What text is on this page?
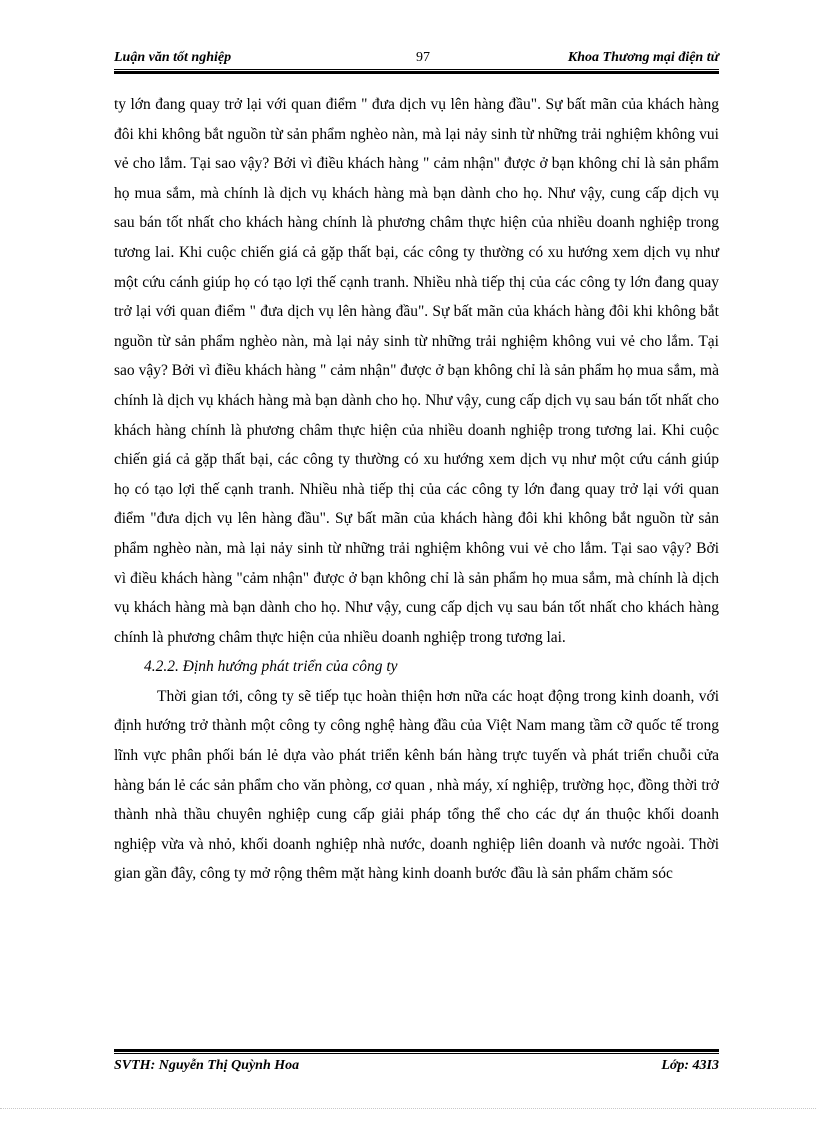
Luận văn tốt nghiệp	97	Khoa Thương mại điện tử

ty lớn đang quay trở lại với quan điểm " đưa dịch vụ lên hàng đầu". Sự bất mãn của khách hàng đôi khi không bắt nguồn từ sản phẩm nghèo nàn, mà lại nảy sinh từ những trải nghiệm không vui vẻ cho lắm. Tại sao vậy? Bởi vì điều khách hàng " cảm nhận" được ở bạn không chỉ là sản phẩm họ mua sắm, mà chính là dịch vụ khách hàng mà bạn dành cho họ. Như vậy, cung cấp dịch vụ sau bán tốt nhất cho khách hàng chính là phương châm thực hiện của nhiều doanh nghiệp trong tương lai. Khi cuộc chiến giá cả gặp thất bại, các công ty thường có xu hướng xem dịch vụ như một cứu cánh giúp họ có tạo lợi thế cạnh tranh. Nhiều nhà tiếp thị của các công ty lớn đang quay trở lại với quan điểm " đưa dịch vụ lên hàng đầu". Sự bất mãn của khách hàng đôi khi không bắt nguồn từ sản phẩm nghèo nàn, mà lại nảy sinh từ những trải nghiệm không vui vẻ cho lắm. Tại sao vậy? Bởi vì điều khách hàng " cảm nhận" được ở bạn không chỉ là sản phẩm họ mua sắm, mà chính là dịch vụ khách hàng mà bạn dành cho họ. Như vậy, cung cấp dịch vụ sau bán tốt nhất cho khách hàng chính là phương châm thực hiện của nhiều doanh nghiệp trong tương lai. Khi cuộc chiến giá cả gặp thất bại, các công ty thường có xu hướng xem dịch vụ như một cứu cánh giúp họ có tạo lợi thế cạnh tranh. Nhiều nhà tiếp thị của các công ty lớn đang quay trở lại với quan điểm "đưa dịch vụ lên hàng đầu". Sự bất mãn của khách hàng đôi khi không bắt nguồn từ sản phẩm nghèo nàn, mà lại nảy sinh từ những trải nghiệm không vui vẻ cho lắm. Tại sao vậy? Bởi vì điều khách hàng "cảm nhận" được ở bạn không chỉ là sản phẩm họ mua sắm, mà chính là dịch vụ khách hàng mà bạn dành cho họ. Như vậy, cung cấp dịch vụ sau bán tốt nhất cho khách hàng chính là phương châm thực hiện của nhiều doanh nghiệp trong tương lai.

4.2.2. Định hướng phát triển của công ty

Thời gian tới, công ty sẽ tiếp tục hoàn thiện hơn nữa các hoạt động trong kinh doanh, với định hướng trở thành một công ty công nghệ hàng đầu của Việt Nam mang tầm cỡ quốc tế trong lĩnh vực phân phối bán lẻ dựa vào phát triển kênh bán hàng trực tuyến và phát triển chuỗi cửa hàng bán lẻ các sản phẩm cho văn phòng, cơ quan , nhà máy, xí nghiệp, trường học, đồng thời trở thành nhà thầu chuyên nghiệp cung cấp giải pháp tổng thể cho các dự án thuộc khối doanh nghiệp vừa và nhỏ, khối doanh nghiệp nhà nước, doanh nghiệp liên doanh và nước ngoài. Thời gian gần đây, công ty mở rộng thêm mặt hàng kinh doanh bước đầu là sản phẩm chăm sóc

SVTH: Nguyễn Thị Quỳnh Hoa	Lớp: 43I3
